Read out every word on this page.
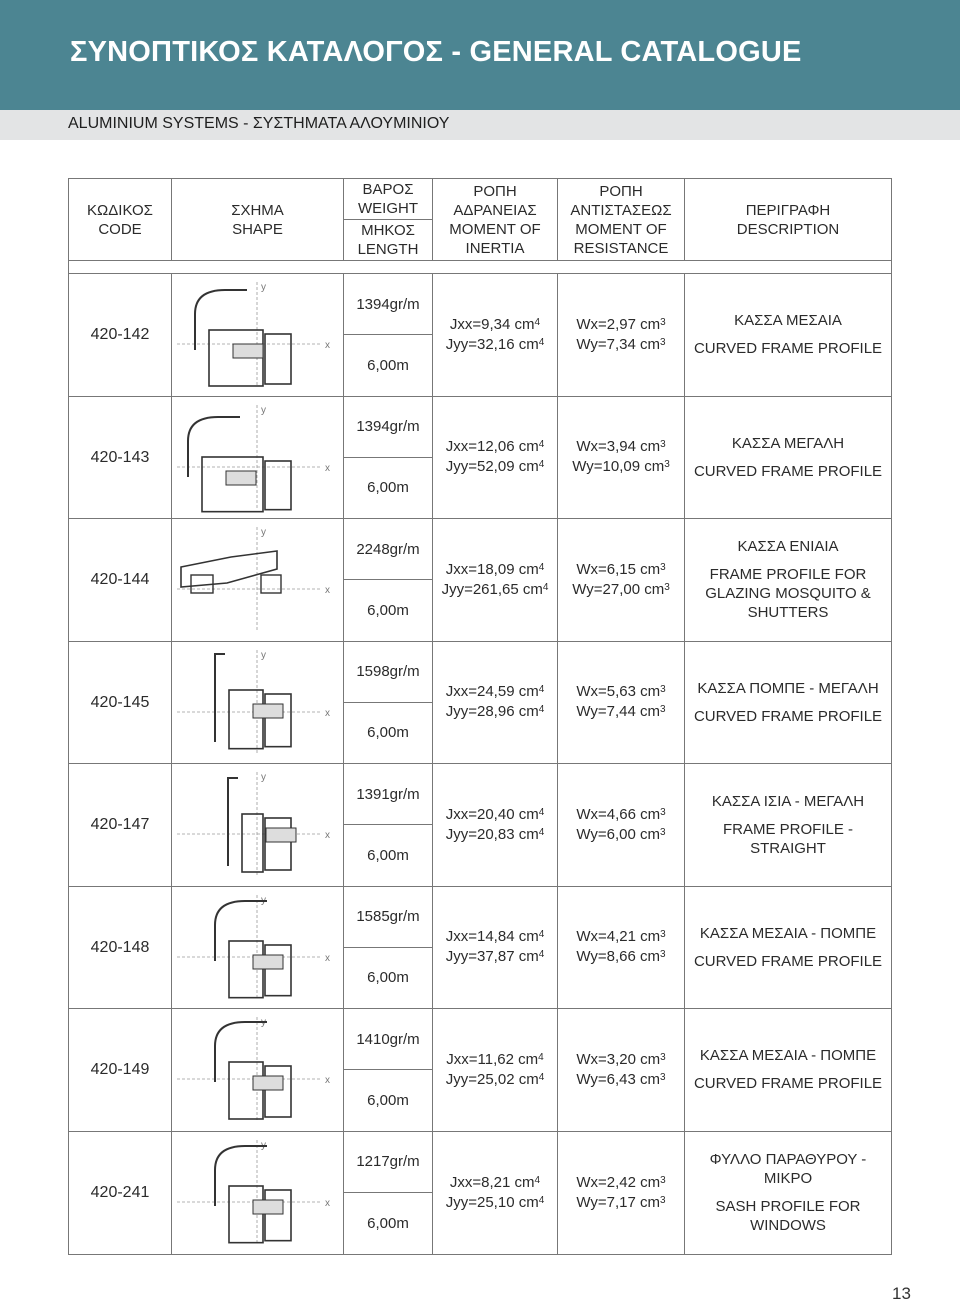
ΣΥΝΟΠΤΙΚΟΣ ΚΑΤΑΛΟΓΟΣ - GENERAL CATALOGUE
ALUMINIUM SYSTEMS - ΣΥΣΤΗΜΑΤΑ ΑΛΟΥΜΙΝΙΟΥ
ΚΩΔΙΚΟΣ
CODE
ΣΧΗΜΑ
SHAPE
ΒΑΡΟΣ
WEIGHT
ΜΗΚΟΣ
LENGTH
ΡΟΠΗ
ΑΔΡΑΝΕΙΑΣ
MOMENT OF
INERTIA
ΡΟΠΗ
ΑΝΤΙΣΤΑΣΕΩΣ
MOMENT OF
RESISTANCE
ΠΕΡΙΓΡΑΦΗ
DESCRIPTION
420-142
y
x
1394gr/m
6,00m
Jxx=9,34 $cm^4$
Jyy=32,16 $cm^4$
Wx=2,97 $cm^3$
Wy=7,34 $cm^3$
ΚΑΣΣΑ ΜΕΣΑΙΑ
CURVED FRAME PROFILE
420-143
y
x
1394gr/m
6,00m
Jxx=12,06 $cm^4$
Jyy=52,09 $cm^4$
Wx=3,94 $cm^3$
Wy=10,09 $cm^3$
ΚΑΣΣΑ ΜΕΓΑΛΗ
CURVED FRAME PROFILE
420-144
y
x
2248gr/m
6,00m
Jxx=18,09 $cm^4$
Jyy=261,65 $cm^4$
Wx=6,15 $cm^3$
Wy=27,00 $cm^3$
ΚΑΣΣΑ ΕΝΙΑΙΑ
FRAME PROFILE FOR GLAZING MOSQUITO & SHUTTERS
420-145
y
x
1598gr/m
6,00m
Jxx=24,59 $cm^4$
Jyy=28,96 $cm^4$
Wx=5,63 $cm^3$
Wy=7,44 $cm^3$
ΚΑΣΣΑ ΠΟΜΠΕ - ΜΕΓΑΛΗ
CURVED FRAME PROFILE
420-147
y
x
1391gr/m
6,00m
Jxx=20,40 $cm^4$
Jyy=20,83 $cm^4$
Wx=4,66 $cm^3$
Wy=6,00 $cm^3$
ΚΑΣΣΑ ΙΣΙΑ - ΜΕΓΑΛΗ
FRAME PROFILE - STRAIGHT
420-148
y
x
1585gr/m
6,00m
Jxx=14,84 $cm^4$
Jyy=37,87 $cm^4$
Wx=4,21 $cm^3$
Wy=8,66 $cm^3$
ΚΑΣΣΑ ΜΕΣΑΙΑ - ΠΟΜΠΕ
CURVED FRAME PROFILE
420-149
y
x
1410gr/m
6,00m
Jxx=11,62 $cm^4$
Jyy=25,02 $cm^4$
Wx=3,20 $cm^3$
Wy=6,43 $cm^3$
ΚΑΣΣΑ ΜΕΣΑΙΑ - ΠΟΜΠΕ
CURVED FRAME PROFILE
420-241
y
x
1217gr/m
6,00m
Jxx=8,21 $cm^4$
Jyy=25,10 $cm^4$
Wx=2,42 $cm^3$
Wy=7,17 $cm^3$
ΦΥΛΛΟ ΠΑΡΑΘΥΡΟΥ - ΜΙΚΡΟ
SASH PROFILE FOR WINDOWS
13
